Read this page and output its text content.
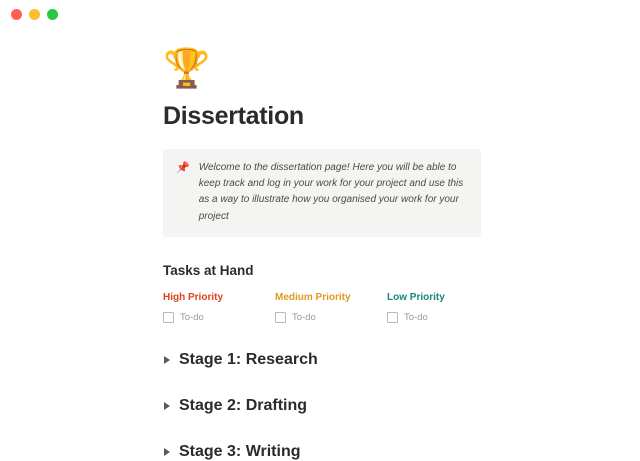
🏆
Dissertation
📌 Welcome to the dissertation page! Here you will be able to keep track and log in your work for your project and use this as a way to illustrate how you organised your work for your project
Tasks at Hand
High Priority
To-do
Medium Priority
To-do
Low Priority
To-do
Stage 1: Research
Stage 2: Drafting
Stage 3: Writing
